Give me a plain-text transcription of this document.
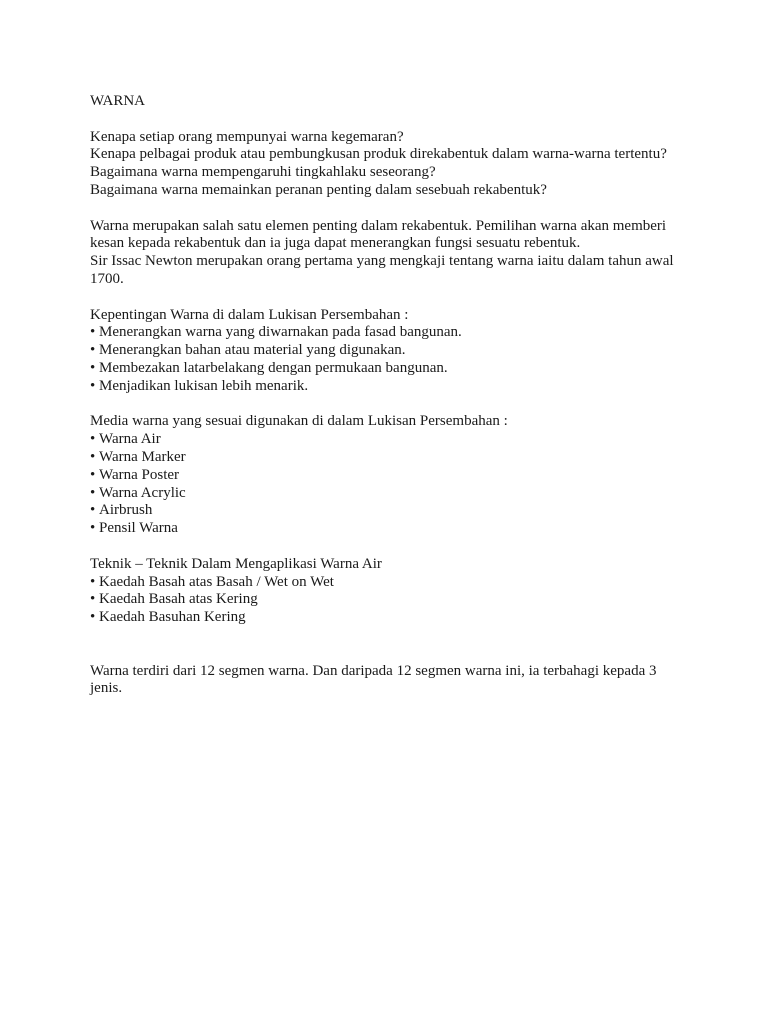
WARNA

Kenapa setiap orang mempunyai warna kegemaran?

Kenapa pelbagai produk atau pembungkusan produk direkabentuk dalam warna-warna tertentu?

Bagaimana warna mempengaruhi tingkahlaku seseorang?

Bagaimana warna memainkan peranan penting dalam sesebuah rekabentuk?

Warna merupakan salah satu elemen penting dalam rekabentuk. Pemilihan warna akan memberi kesan kepada rekabentuk dan ia juga dapat menerangkan fungsi sesuatu rebentuk.

Sir Issac Newton merupakan orang pertama yang mengkaji tentang warna iaitu dalam tahun awal 1700.

Kepentingan Warna di dalam Lukisan Persembahan :

• Menerangkan warna yang diwarnakan pada fasad bangunan.

• Menerangkan bahan atau material yang digunakan.

• Membezakan latarbelakang dengan permukaan bangunan.

• Menjadikan lukisan lebih menarik.

Media warna yang sesuai digunakan di dalam Lukisan Persembahan :

• Warna Air

• Warna Marker

• Warna Poster

• Warna Acrylic

• Airbrush

• Pensil Warna

Teknik – Teknik Dalam Mengaplikasi Warna Air

• Kaedah Basah atas Basah / Wet on Wet

• Kaedah Basah atas Kering

• Kaedah Basuhan Kering

Warna terdiri dari 12 segmen warna. Dan daripada 12 segmen warna ini, ia terbahagi kepada 3 jenis.
